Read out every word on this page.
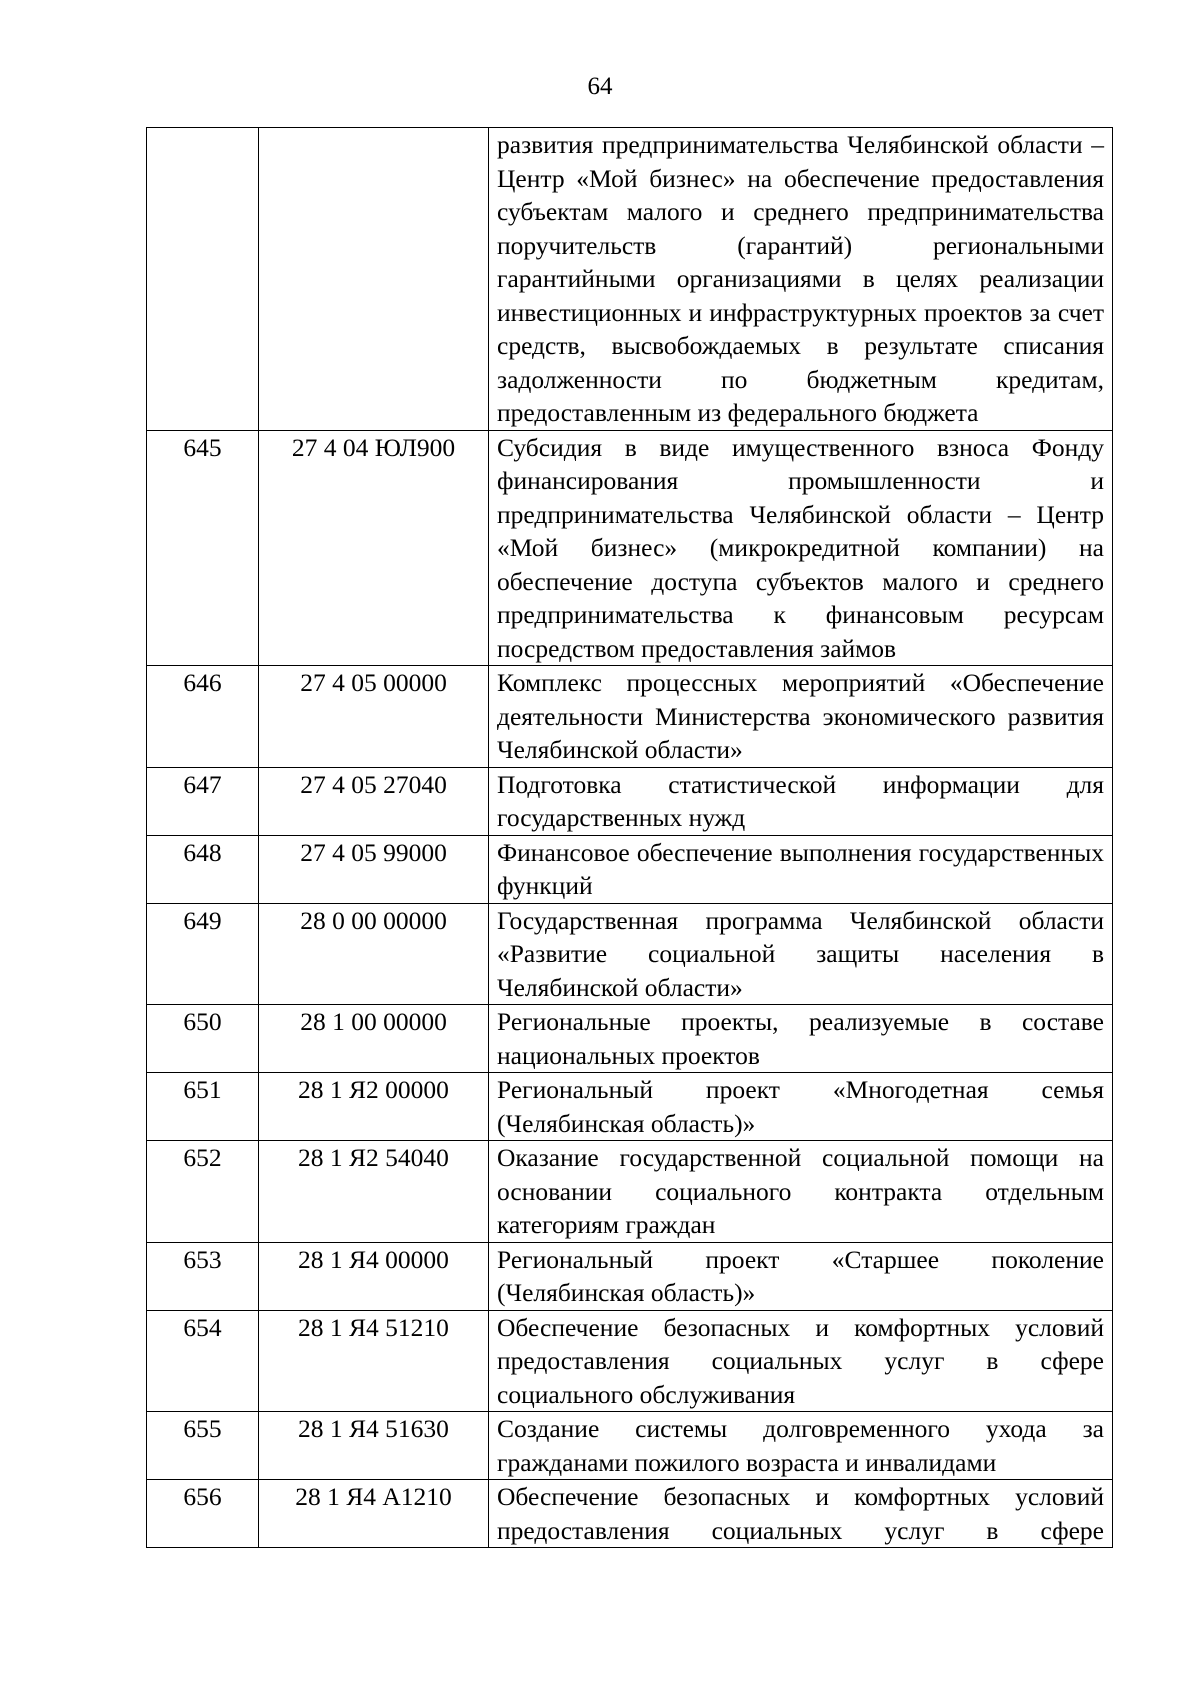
64
		развития предпринимательства Челябинской области – Центр «Мой бизнес» на обеспечение предоставления субъектам малого и среднего предпринимательства поручительств (гарантий) региональными гарантийными организациями в целях реализации инвестиционных и инфраструктурных проектов за счет средств, высвобождаемых в результате списания задолженности по бюджетным кредитам, предоставленным из федерального бюджета
645	27 4 04 ЮЛ900	Субсидия в виде имущественного взноса Фонду финансирования промышленности и предпринимательства Челябинской области – Центр «Мой бизнес» (микрокредитной компании) на обеспечение доступа субъектов малого и среднего предпринимательства к финансовым ресурсам посредством предоставления займов
646	27 4 05 00000	Комплекс процессных мероприятий «Обеспечение деятельности Министерства экономического развития Челябинской области»
647	27 4 05 27040	Подготовка статистической информации для государственных нужд
648	27 4 05 99000	Финансовое обеспечение выполнения государственных функций
649	28 0 00 00000	Государственная программа Челябинской области «Развитие социальной защиты населения в Челябинской области»
650	28 1 00 00000	Региональные проекты, реализуемые в составе национальных проектов
651	28 1 Я2 00000	Региональный проект «Многодетная семья (Челябинская область)»
652	28 1 Я2 54040	Оказание государственной социальной помощи на основании социального контракта отдельным категориям граждан
653	28 1 Я4 00000	Региональный проект «Старшее поколение (Челябинская область)»
654	28 1 Я4 51210	Обеспечение безопасных и комфортных условий предоставления социальных услуг в сфере социального обслуживания
655	28 1 Я4 51630	Создание системы долговременного ухода за гражданами пожилого возраста и инвалидами
656	28 1 Я4 А1210	Обеспечение безопасных и комфортных условий предоставления социальных услуг в сфере
